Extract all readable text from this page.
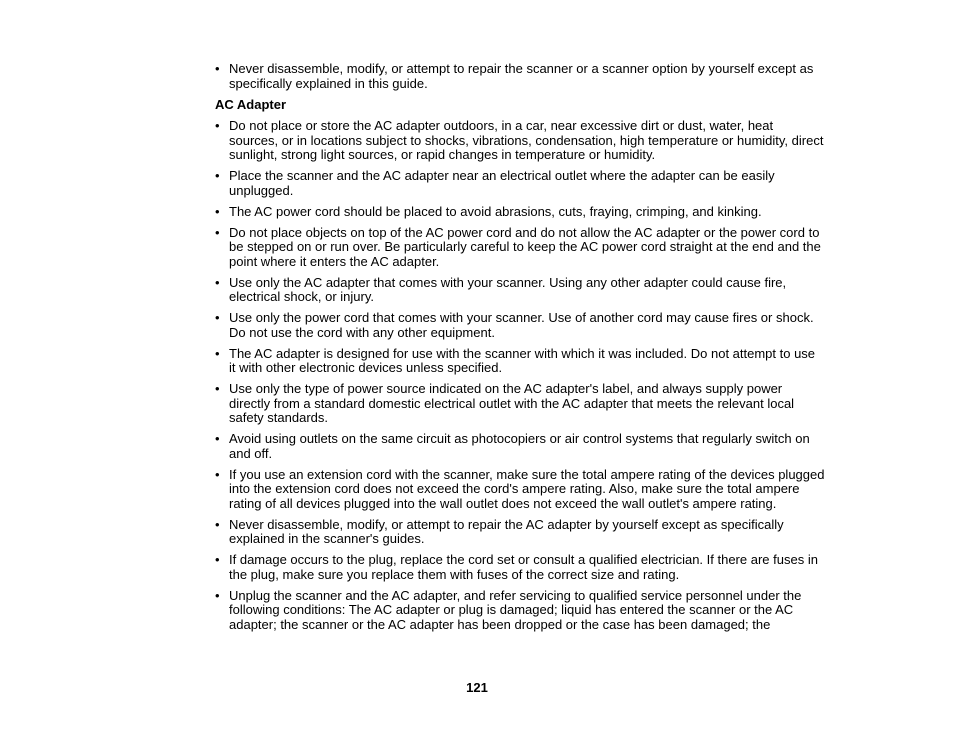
• Never disassemble, modify, or attempt to repair the scanner or a scanner option by yourself except as specifically explained in this guide.
AC Adapter
• Do not place or store the AC adapter outdoors, in a car, near excessive dirt or dust, water, heat sources, or in locations subject to shocks, vibrations, condensation, high temperature or humidity, direct sunlight, strong light sources, or rapid changes in temperature or humidity.
• Place the scanner and the AC adapter near an electrical outlet where the adapter can be easily unplugged.
• The AC power cord should be placed to avoid abrasions, cuts, fraying, crimping, and kinking.
• Do not place objects on top of the AC power cord and do not allow the AC adapter or the power cord to be stepped on or run over. Be particularly careful to keep the AC power cord straight at the end and the point where it enters the AC adapter.
• Use only the AC adapter that comes with your scanner. Using any other adapter could cause fire, electrical shock, or injury.
• Use only the power cord that comes with your scanner. Use of another cord may cause fires or shock. Do not use the cord with any other equipment.
• The AC adapter is designed for use with the scanner with which it was included. Do not attempt to use it with other electronic devices unless specified.
• Use only the type of power source indicated on the AC adapter's label, and always supply power directly from a standard domestic electrical outlet with the AC adapter that meets the relevant local safety standards.
• Avoid using outlets on the same circuit as photocopiers or air control systems that regularly switch on and off.
• If you use an extension cord with the scanner, make sure the total ampere rating of the devices plugged into the extension cord does not exceed the cord's ampere rating. Also, make sure the total ampere rating of all devices plugged into the wall outlet does not exceed the wall outlet's ampere rating.
• Never disassemble, modify, or attempt to repair the AC adapter by yourself except as specifically explained in the scanner's guides.
• If damage occurs to the plug, replace the cord set or consult a qualified electrician. If there are fuses in the plug, make sure you replace them with fuses of the correct size and rating.
• Unplug the scanner and the AC adapter, and refer servicing to qualified service personnel under the following conditions: The AC adapter or plug is damaged; liquid has entered the scanner or the AC adapter; the scanner or the AC adapter has been dropped or the case has been damaged; the
121
